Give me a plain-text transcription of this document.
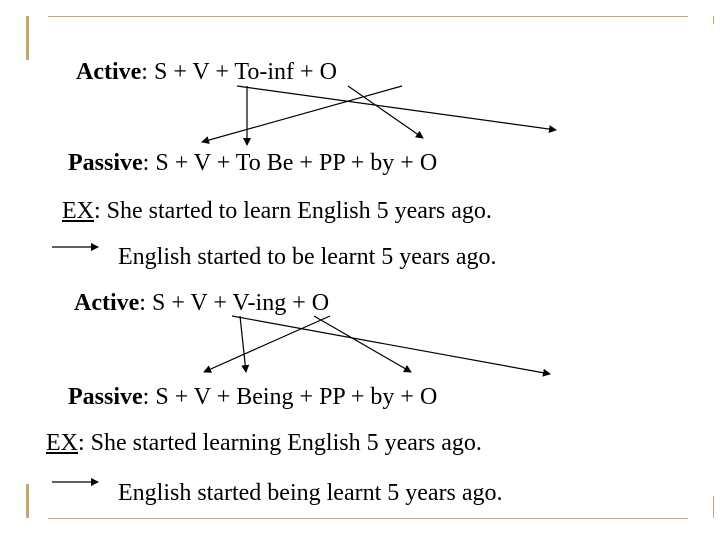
Active: S + V + To-inf + O
Passive: S + V + To Be + PP + by + O
EX: She started to learn English 5 years ago.
English started to be learnt 5 years ago.
Active: S + V + V-ing + O
Passive: S + V + Being + PP + by + O
EX: She started learning English 5 years ago.
English started being learnt 5 years ago.
